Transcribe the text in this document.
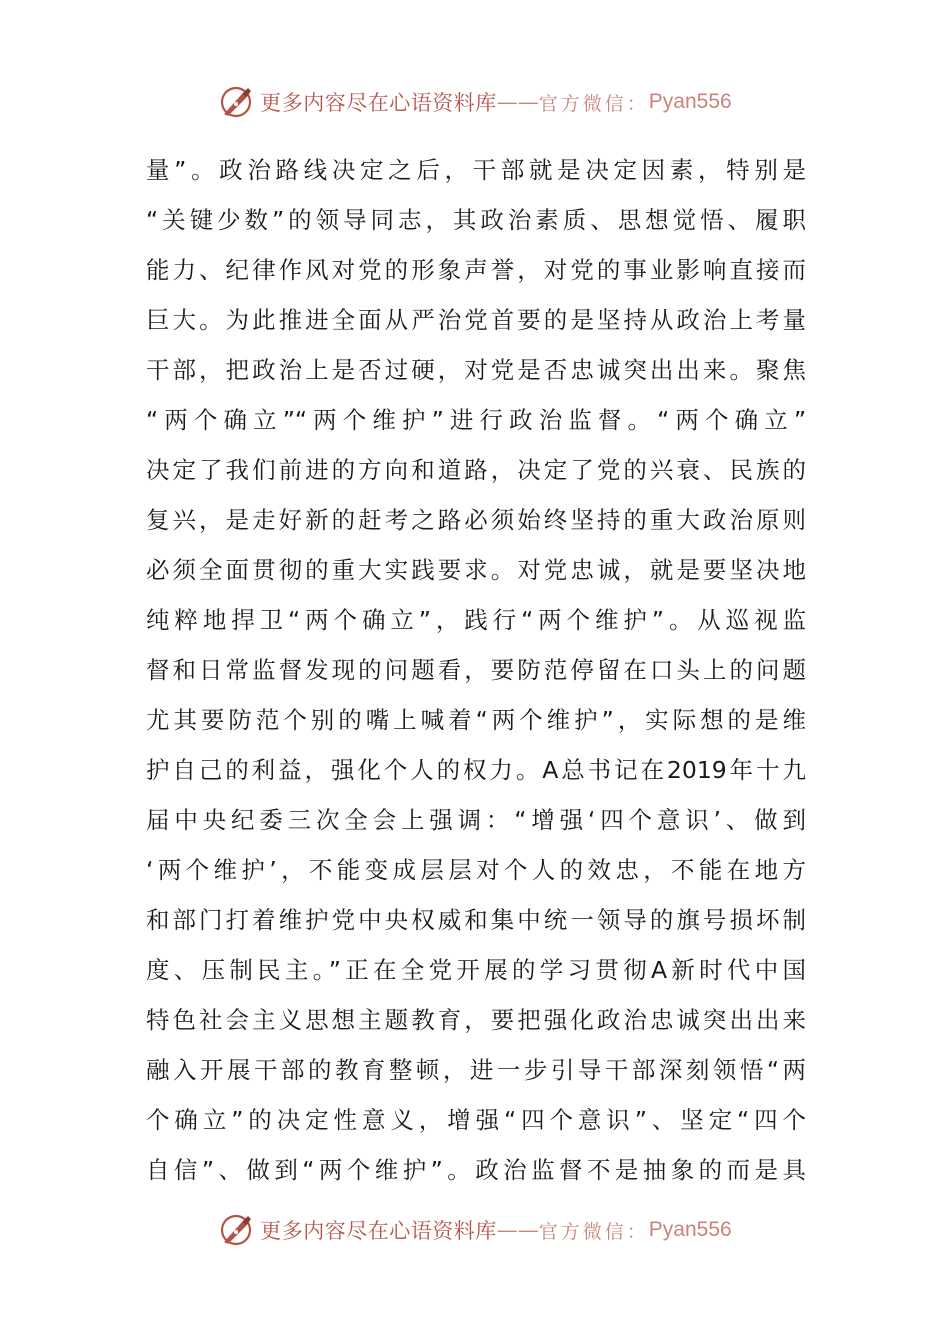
更多内容尽在心语资料库 —— 官方微信： Pyan556
量”。政治路线决定之后，干部就是决定因素，特别是
“关键少数”的领导同志，其政治素质、思想觉悟、履职
能力、纪律作风对党的形象声誉，对党的事业影响直接而
巨大。为此推进全面从严治党首要的是坚持从政治上考量
干部，把政治上是否过硬，对党是否忠诚突出出来。聚焦
“两个确立”“两个维护”进行政治监督。“两个确立”
决定了我们前进的方向和道路，决定了党的兴衰、民族的
复兴，是走好新的赶考之路必须始终坚持的重大政治原则
必须全面贯彻的重大实践要求。对党忠诚，就是要坚决地
纯粹地捍卫“两个确立”，践行“两个维护”。从巡视监
督和日常监督发现的问题看，要防范停留在口头上的问题
尤其要防范个别的嘴上喊着“两个维护”，实际想的是维
护自己的利益，强化个人的权力。A总书记在2019年十九
届中央纪委三次全会上强调：“增强‘四个意识’、做到
‘两个维护’，不能变成层层对个人的效忠，不能在地方
和部门打着维护党中央权威和集中统一领导的旗号损坏制
度、压制民主。”正在全党开展的学习贯彻A新时代中国
特色社会主义思想主题教育，要把强化政治忠诚突出出来
融入开展干部的教育整顿，进一步引导干部深刻领悟“两
个确立”的决定性意义，增强“四个意识”、坚定“四个
自信”、做到“两个维护”。政治监督不是抽象的而是具
更多内容尽在心语资料库 —— 官方微信： Pyan556
